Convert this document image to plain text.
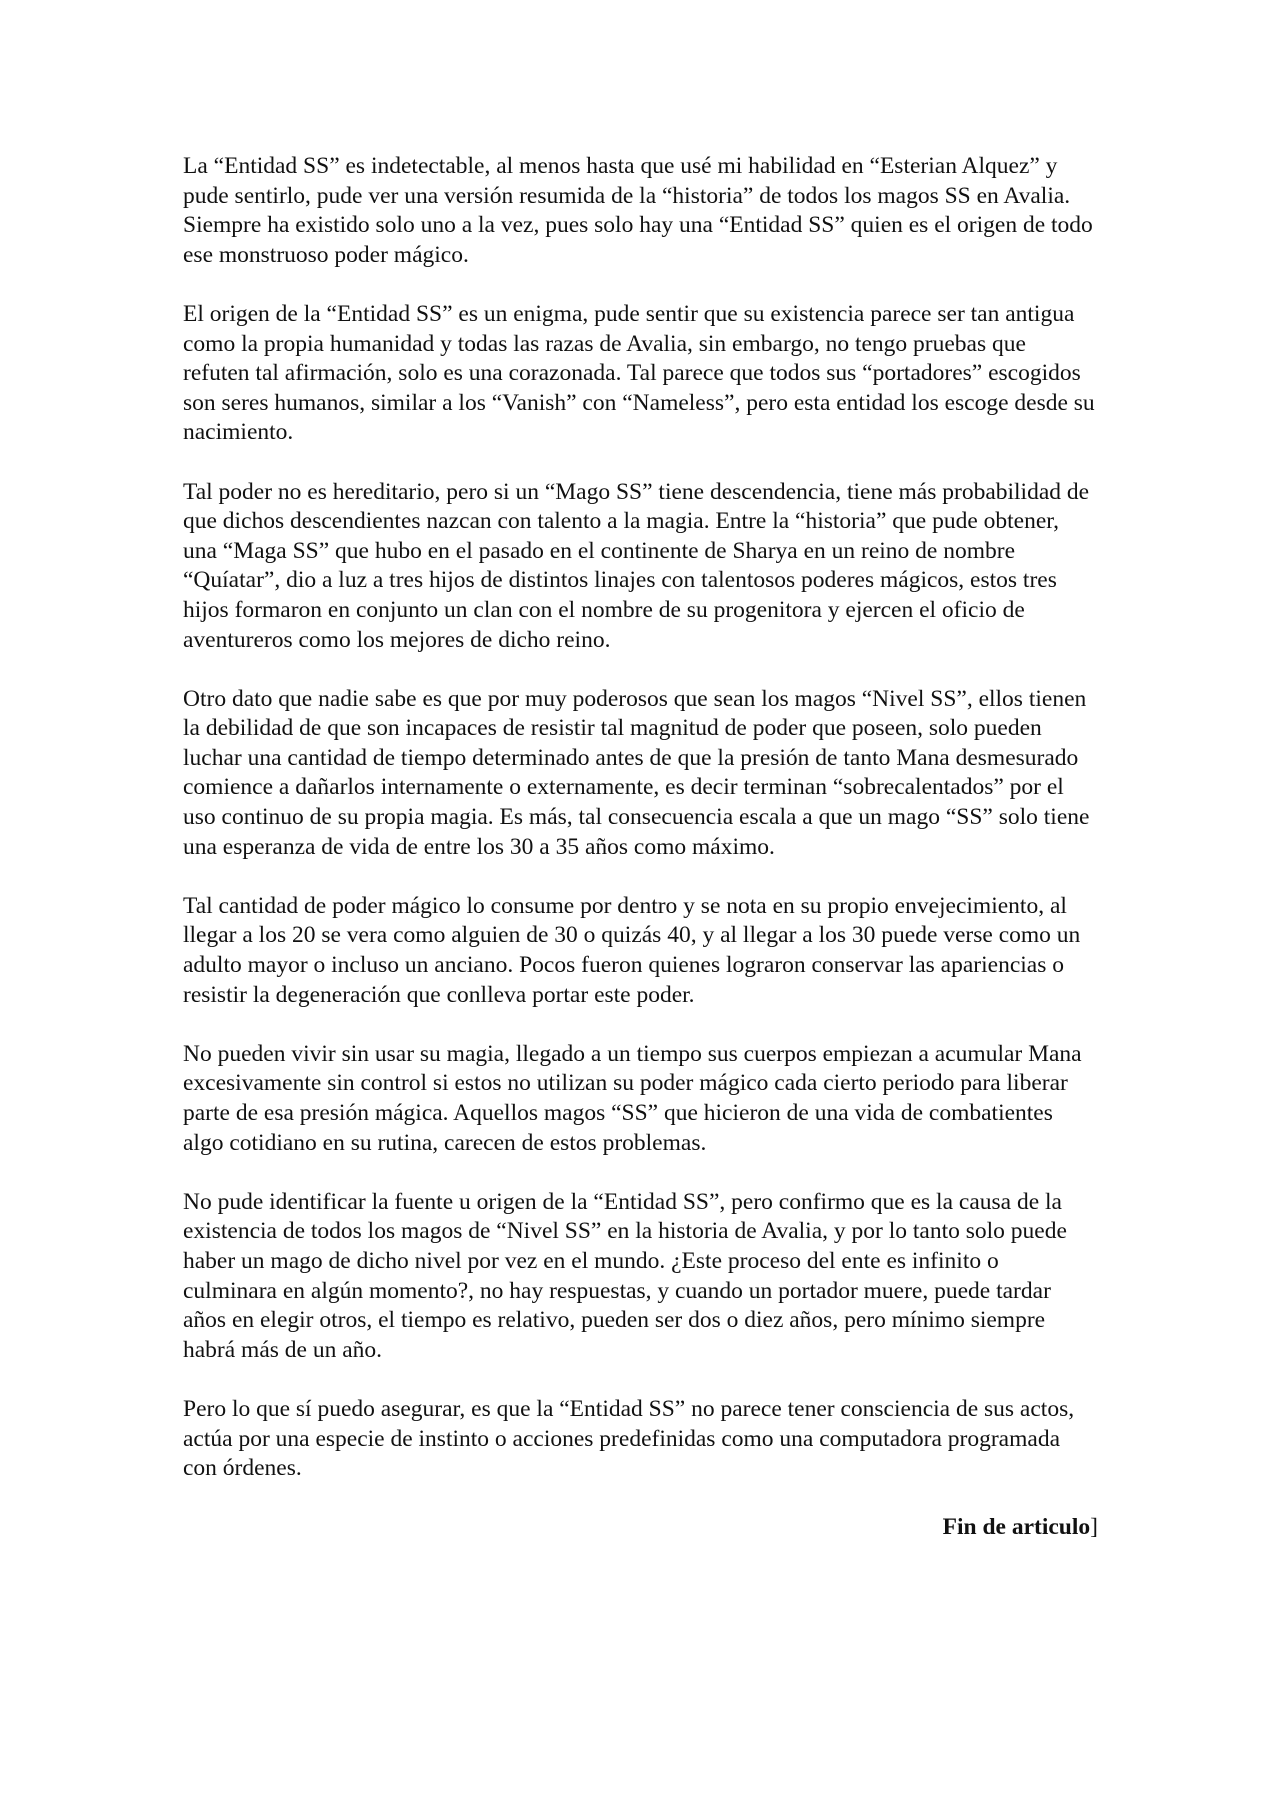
La “Entidad SS” es indetectable, al menos hasta que usé mi habilidad en “Esterian Alquez” y pude sentirlo, pude ver una versión resumida de la “historia” de todos los magos SS en Avalia. Siempre ha existido solo uno a la vez, pues solo hay una “Entidad SS” quien es el origen de todo ese monstruoso poder mágico.

El origen de la “Entidad SS” es un enigma, pude sentir que su existencia parece ser tan antigua como la propia humanidad y todas las razas de Avalia, sin embargo, no tengo pruebas que refuten tal afirmación, solo es una corazonada. Tal parece que todos sus “portadores” escogidos son seres humanos, similar a los “Vanish” con “Nameless”, pero esta entidad los escoge desde su nacimiento.

Tal poder no es hereditario, pero si un “Mago SS” tiene descendencia, tiene más probabilidad de que dichos descendientes nazcan con talento a la magia. Entre la “historia” que pude obtener, una “Maga SS” que hubo en el pasado en el continente de Sharya en un reino de nombre “Quíatar”, dio a luz a tres hijos de distintos linajes con talentosos poderes mágicos, estos tres hijos formaron en conjunto un clan con el nombre de su progenitora y ejercen el oficio de aventureros como los mejores de dicho reino.

Otro dato que nadie sabe es que por muy poderosos que sean los magos “Nivel SS”, ellos tienen la debilidad de que son incapaces de resistir tal magnitud de poder que poseen, solo pueden luchar una cantidad de tiempo determinado antes de que la presión de tanto Mana desmesurado comience a dañarlos internamente o externamente, es decir terminan “sobrecalentados” por el uso continuo de su propia magia. Es más, tal consecuencia escala a que un mago “SS” solo tiene una esperanza de vida de entre los 30 a 35 años como máximo.

Tal cantidad de poder mágico lo consume por dentro y se nota en su propio envejecimiento, al llegar a los 20 se vera como alguien de 30 o quizás 40, y al llegar a los 30 puede verse como un adulto mayor o incluso un anciano. Pocos fueron quienes lograron conservar las apariencias o resistir la degeneración que conlleva portar este poder.

No pueden vivir sin usar su magia, llegado a un tiempo sus cuerpos empiezan a acumular Mana excesivamente sin control si estos no utilizan su poder mágico cada cierto periodo para liberar parte de esa presión mágica. Aquellos magos “SS” que hicieron de una vida de combatientes algo cotidiano en su rutina, carecen de estos problemas.

No pude identificar la fuente u origen de la “Entidad SS”, pero confirmo que es la causa de la existencia de todos los magos de “Nivel SS” en la historia de Avalia, y por lo tanto solo puede haber un mago de dicho nivel por vez en el mundo. ¿Este proceso del ente es infinito o culminara en algún momento?, no hay respuestas, y cuando un portador muere, puede tardar años en elegir otros, el tiempo es relativo, pueden ser dos o diez años, pero mínimo siempre habrá más de un año.

Pero lo que sí puedo asegurar, es que la “Entidad SS” no parece tener consciencia de sus actos, actúa por una especie de instinto o acciones predefinidas como una computadora programada con órdenes.

Fin de articulo]
